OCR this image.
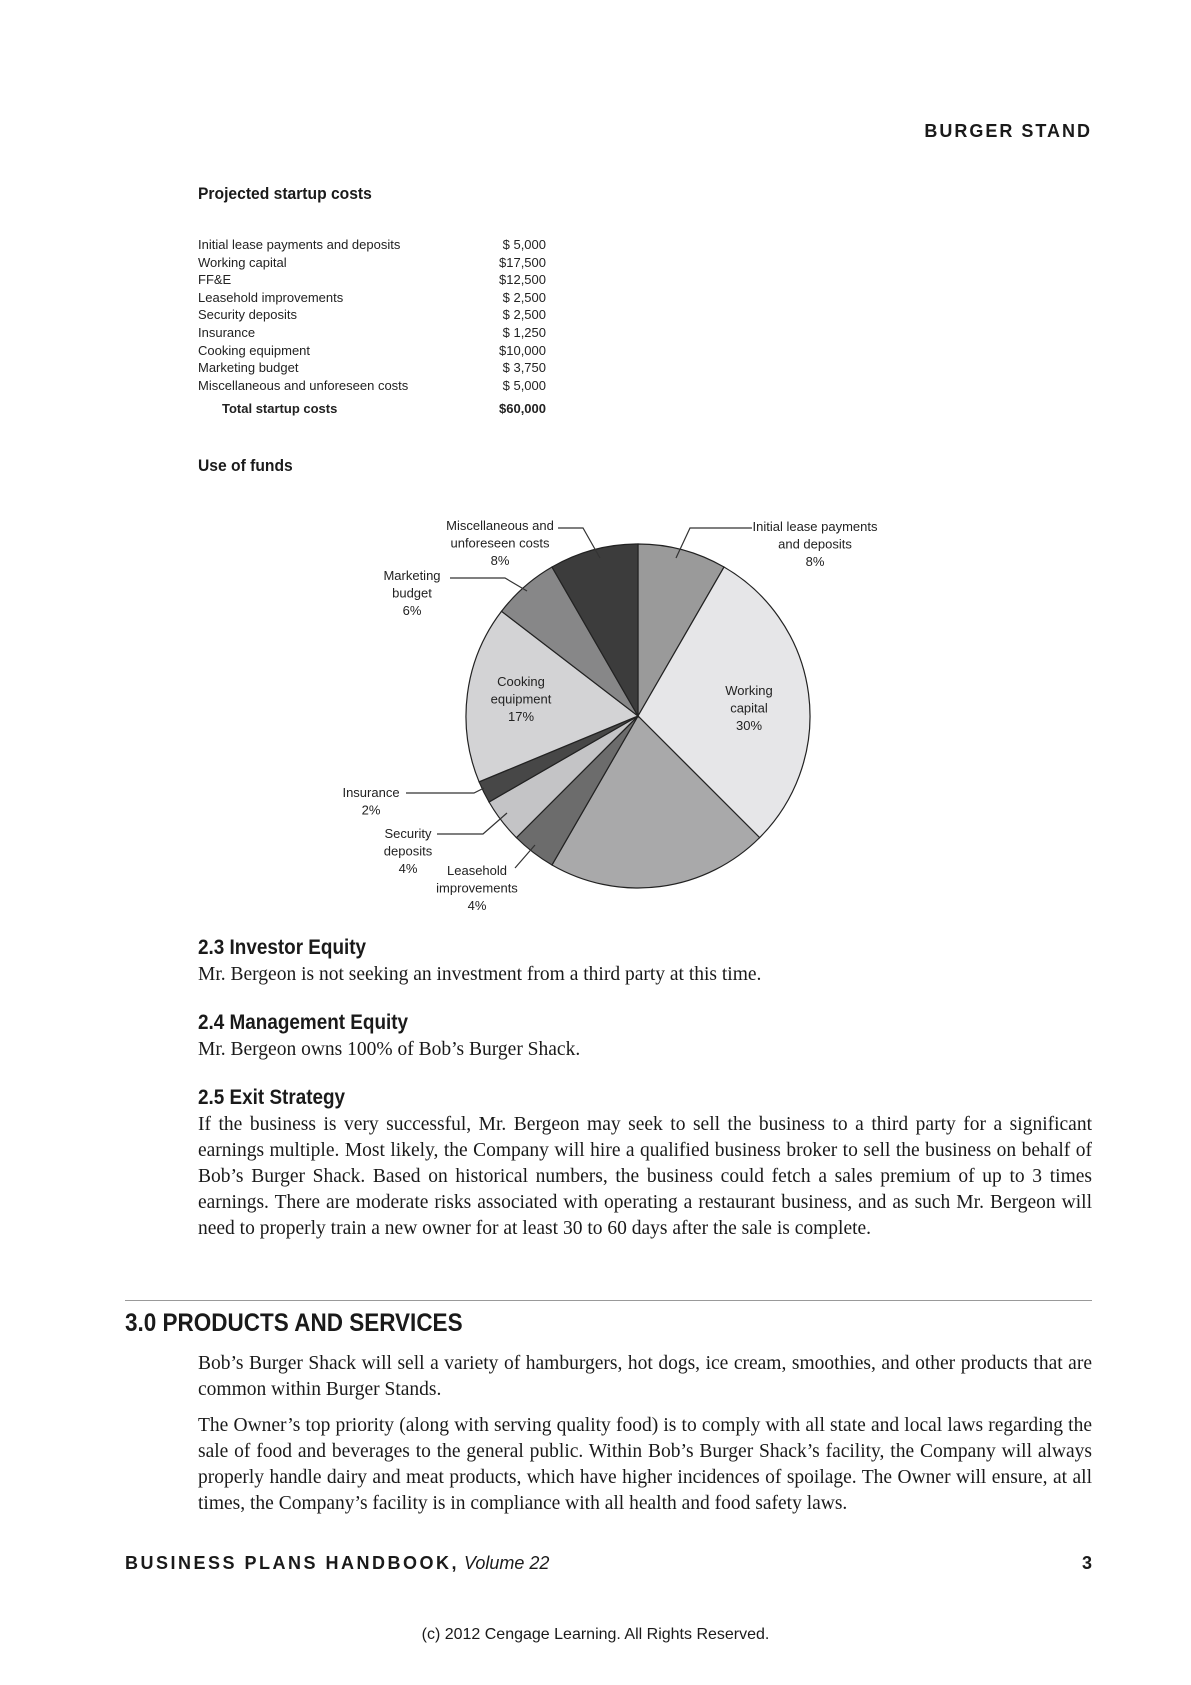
BURGER STAND
Projected startup costs
Initial lease payments and deposits	$ 5,000
Working capital	$17,500
FF&E	$12,500
Leasehold improvements	$ 2,500
Security deposits	$ 2,500
Insurance	$ 1,250
Cooking equipment	$10,000
Marketing budget	$ 3,750
Miscellaneous and unforeseen costs	$ 5,000
Total startup costs	$60,000
Use of funds
Initial lease payments
and deposits
8%
Working
capital
30%
Leasehold
improvements
4%
Security
deposits
4%
Insurance
2%
Cooking
equipment
17%
Marketing
budget
6%
Miscellaneous and
unforeseen costs
8%
2.3 Investor Equity

Mr. Bergeon is not seeking an investment from a third party at this time.

2.4 Management Equity

Mr. Bergeon owns 100% of Bob’s Burger Shack.

2.5 Exit Strategy

If the business is very successful, Mr. Bergeon may seek to sell the business to a third party for a significant earnings multiple. Most likely, the Company will hire a qualified business broker to sell the business on behalf of Bob’s Burger Shack. Based on historical numbers, the business could fetch a sales premium of up to 3 times earnings. There are moderate risks associated with operating a restaurant business, and as such Mr. Bergeon will need to properly train a new owner for at least 30 to 60 days after the sale is complete.

3.0 PRODUCTS AND SERVICES

Bob’s Burger Shack will sell a variety of hamburgers, hot dogs, ice cream, smoothies, and other products that are common within Burger Stands.

The Owner’s top priority (along with serving quality food) is to comply with all state and local laws regarding the sale of food and beverages to the general public. Within Bob’s Burger Shack’s facility, the Company will always properly handle dairy and meat products, which have higher incidences of spoilage. The Owner will ensure, at all times, the Company’s facility is in compliance with all health and food safety laws.

BUSINESS PLANS HANDBOOK, Volume 22	3
(c) 2012 Cengage Learning. All Rights Reserved.
